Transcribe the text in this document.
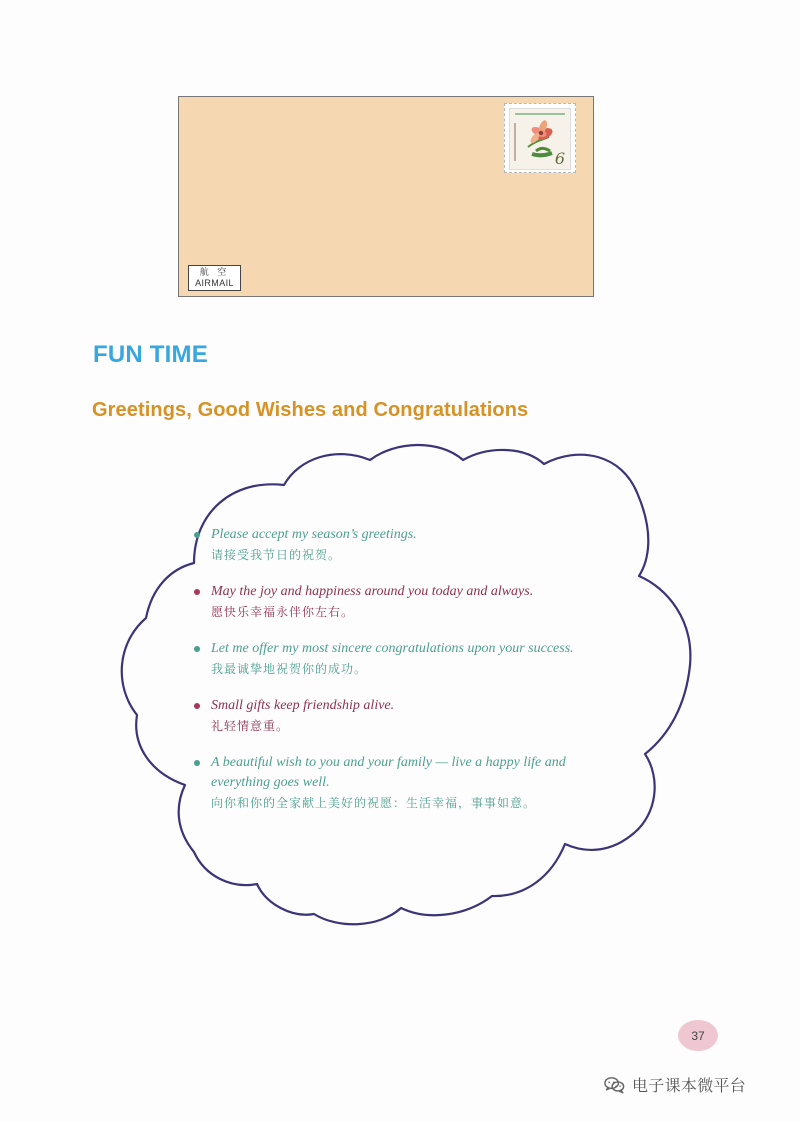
6
航 空
AIRMAIL
FUN TIME
Greetings, Good Wishes and Congratulations
Please accept my season’s greetings.
请接受我节日的祝贺。
May the joy and happiness around you today and always.
愿快乐幸福永伴你左右。
Let me offer my most sincere congratulations upon your success.
我最诚挚地祝贺你的成功。
Small gifts keep friendship alive.
礼轻情意重。
A beautiful wish to you and your family — live a happy life and everything goes well.
向你和你的全家献上美好的祝愿：生活幸福，事事如意。
37
电子课本微平台
